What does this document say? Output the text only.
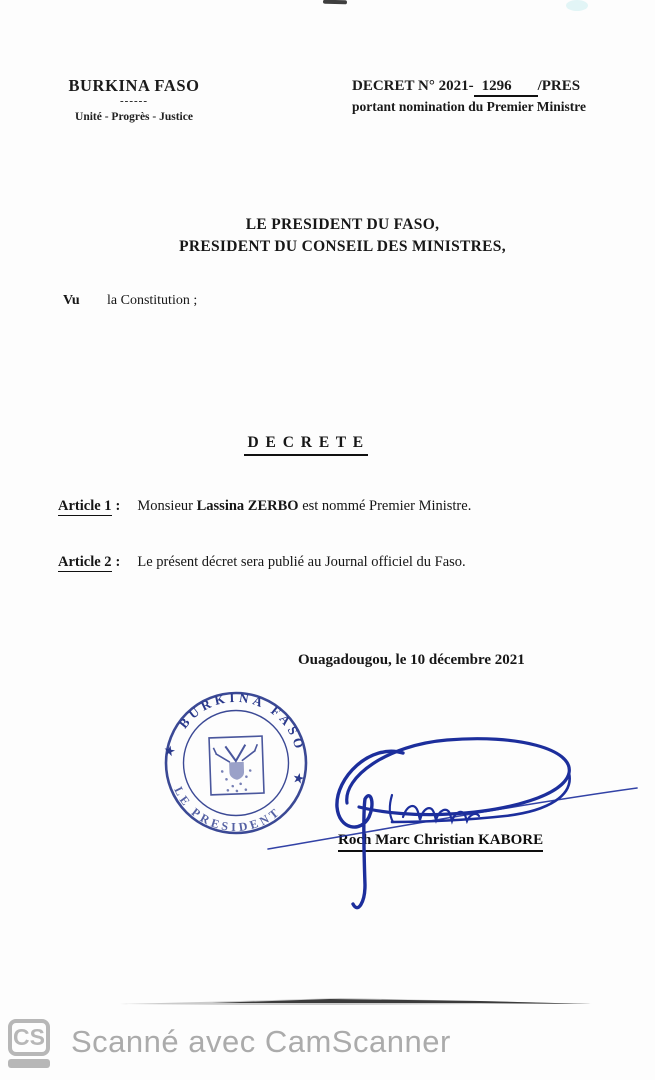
BURKINA FASO
------
Unité - Progrès - Justice
DECRET N° 2021- 1296 /PRES
portant nomination du Premier Ministre
LE PRESIDENT DU FASO,
PRESIDENT DU CONSEIL DES MINISTRES,
Vu la Constitution ;
D E C R E T E
Article 1 : Monsieur Lassina ZERBO est nommé Premier Ministre.
Article 2 : Le présent décret sera publié au Journal officiel du Faso.
Ouagadougou, le 10 décembre 2021
BURKINA FASO
LE PRESIDENT
★
★
Roch Marc Christian KABORE
CS Scanné avec CamScanner
